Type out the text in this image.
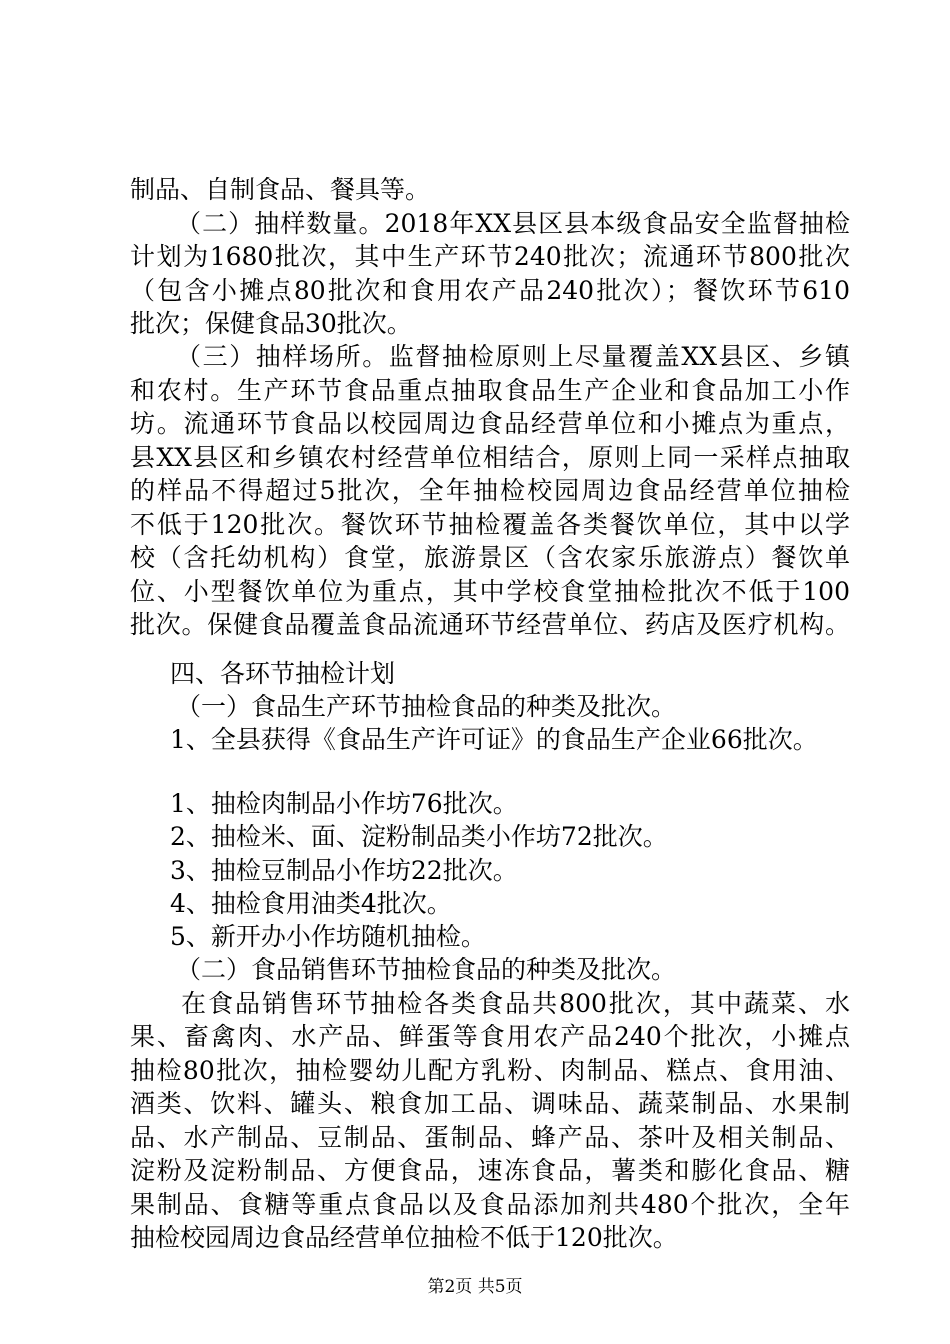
制品、自制食品、餐具等。
（二）抽样数量。2018年XX县区县本级食品安全监督抽检
计划为1680批次，其中生产环节240批次；流通环节800批次
（包含小摊点80批次和食用农产品240批次）；餐饮环节610
批次；保健食品30批次。
（三）抽样场所。监督抽检原则上尽量覆盖XX县区、乡镇
和农村。生产环节食品重点抽取食品生产企业和食品加工小作
坊。流通环节食品以校园周边食品经营单位和小摊点为重点，
县XX县区和乡镇农村经营单位相结合，原则上同一采样点抽取
的样品不得超过5批次，全年抽检校园周边食品经营单位抽检
不低于120批次。餐饮环节抽检覆盖各类餐饮单位，其中以学
校（含托幼机构）食堂，旅游景区（含农家乐旅游点）餐饮单
位、小型餐饮单位为重点，其中学校食堂抽检批次不低于100
批次。保健食品覆盖食品流通环节经营单位、药店及医疗机构。
四、各环节抽检计划
（一）食品生产环节抽检食品的种类及批次。
1、全县获得《食品生产许可证》的食品生产企业66批次。
1、抽检肉制品小作坊76批次。
2、抽检米、面、淀粉制品类小作坊72批次。
3、抽检豆制品小作坊22批次。
4、抽检食用油类4批次。
5、新开办小作坊随机抽检。
（二）食品销售环节抽检食品的种类及批次。
在食品销售环节抽检各类食品共800批次，其中蔬菜、水
果、畜禽肉、水产品、鲜蛋等食用农产品240个批次，小摊点
抽检80批次，抽检婴幼儿配方乳粉、肉制品、糕点、食用油、
酒类、饮料、罐头、粮食加工品、调味品、蔬菜制品、水果制
品、水产制品、豆制品、蛋制品、蜂产品、茶叶及相关制品、
淀粉及淀粉制品、方便食品，速冻食品，薯类和膨化食品、糖
果制品、食糖等重点食品以及食品添加剂共480个批次，全年
抽检校园周边食品经营单位抽检不低于120批次。
第2页 共5页
